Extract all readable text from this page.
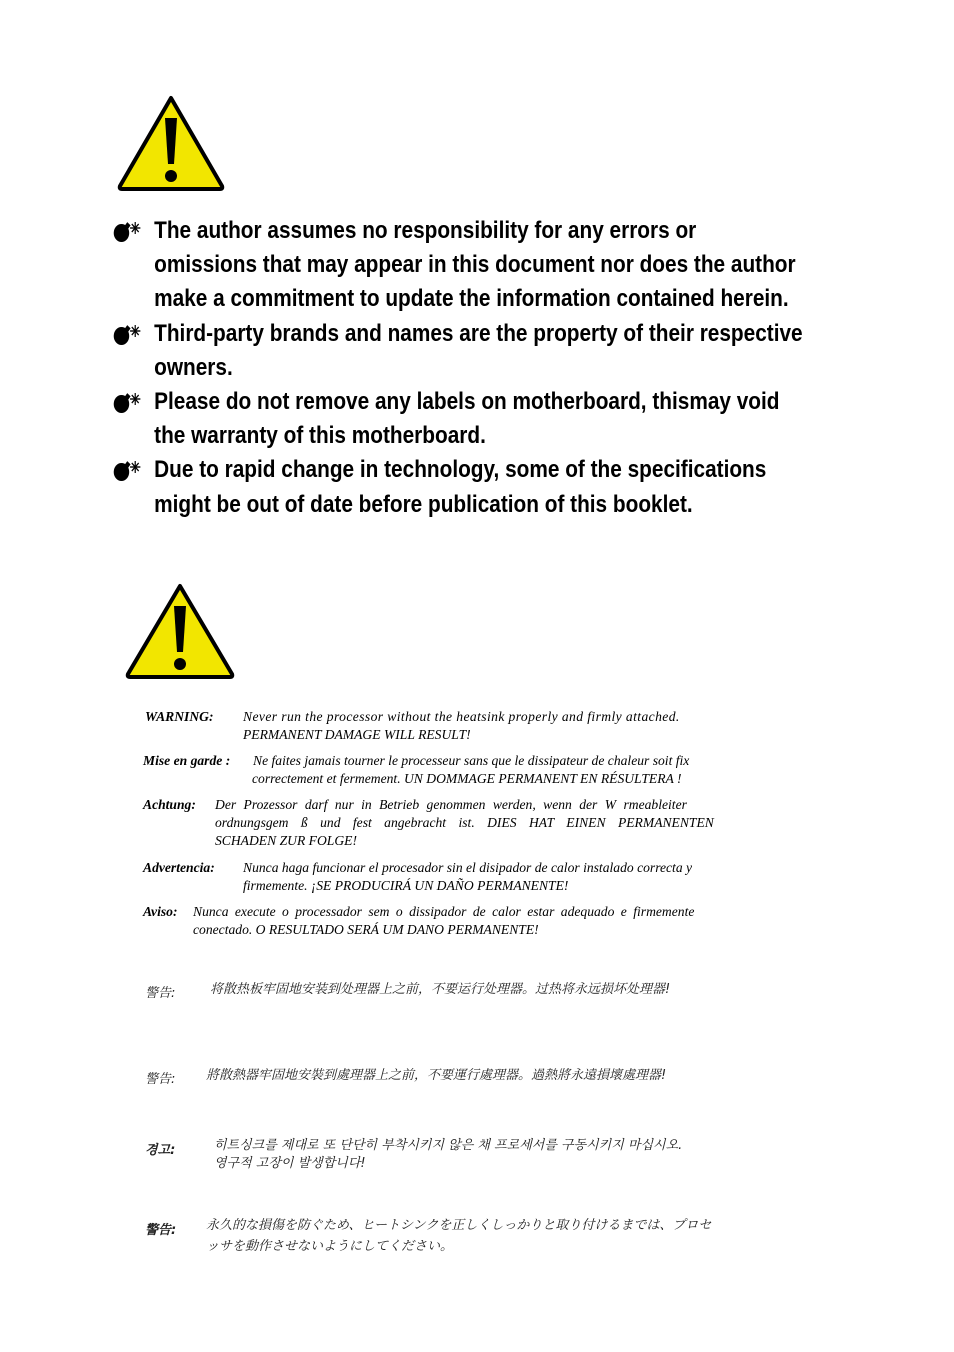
The author assumes no responsibility for any errors or
omissions that may appear in this document nor does the author
make a commitment to update the information contained herein.
Third-party brands and names are the property of their respective
owners.
Please do not remove any labels on motherboard, thismay void
the warranty of this motherboard.
Due to rapid change in technology, some of the specifications
might be out of date before publication of this booklet.
WARNING: Never run the processor without the heatsink properly and firmly attached.
PERMANENT DAMAGE WILL RESULT!
Mise en garde : Ne faites jamais tourner le processeur sans que le dissipateur de chaleur soit fix
correctement et fermement. UN DOMMAGE PERMANENT EN RÉSULTERA !
Achtung: Der Prozessor darf nur in Betrieb genommen werden, wenn der W rmeableiter
ordnungsgem ß und fest angebracht ist. DIES HAT EINEN PERMANENTEN
SCHADEN ZUR FOLGE!
Advertencia: Nunca haga funcionar el procesador sin el disipador de calor instalado correcta y
firmemente. ¡SE PRODUCIRÁ UN DAÑO PERMANENTE!
Aviso: Nunca execute o processador sem o dissipador de calor estar adequado e firmemente
conectado. O RESULTADO SERÁ UM DANO PERMANENTE!
警告:	将散热板牢固地安装到处理器上之前，不要运行处理器。过热将永远损坏处理器!
警告: 將散熱器牢固地安裝到處理器上之前，不要運行處理器。過熱將永遠損壞處理器!
경고:	히트싱크를 제대로 또 단단히 부착시키지 않은 채 프로세서를 구동시키지 마십시오.
영구적 고장이 발생합니다!
警告: 永久的な損傷を防ぐため、ヒートシンクを正しくしっかりと取り付けるまでは、プロセ
ッサを動作させないようにしてください。
